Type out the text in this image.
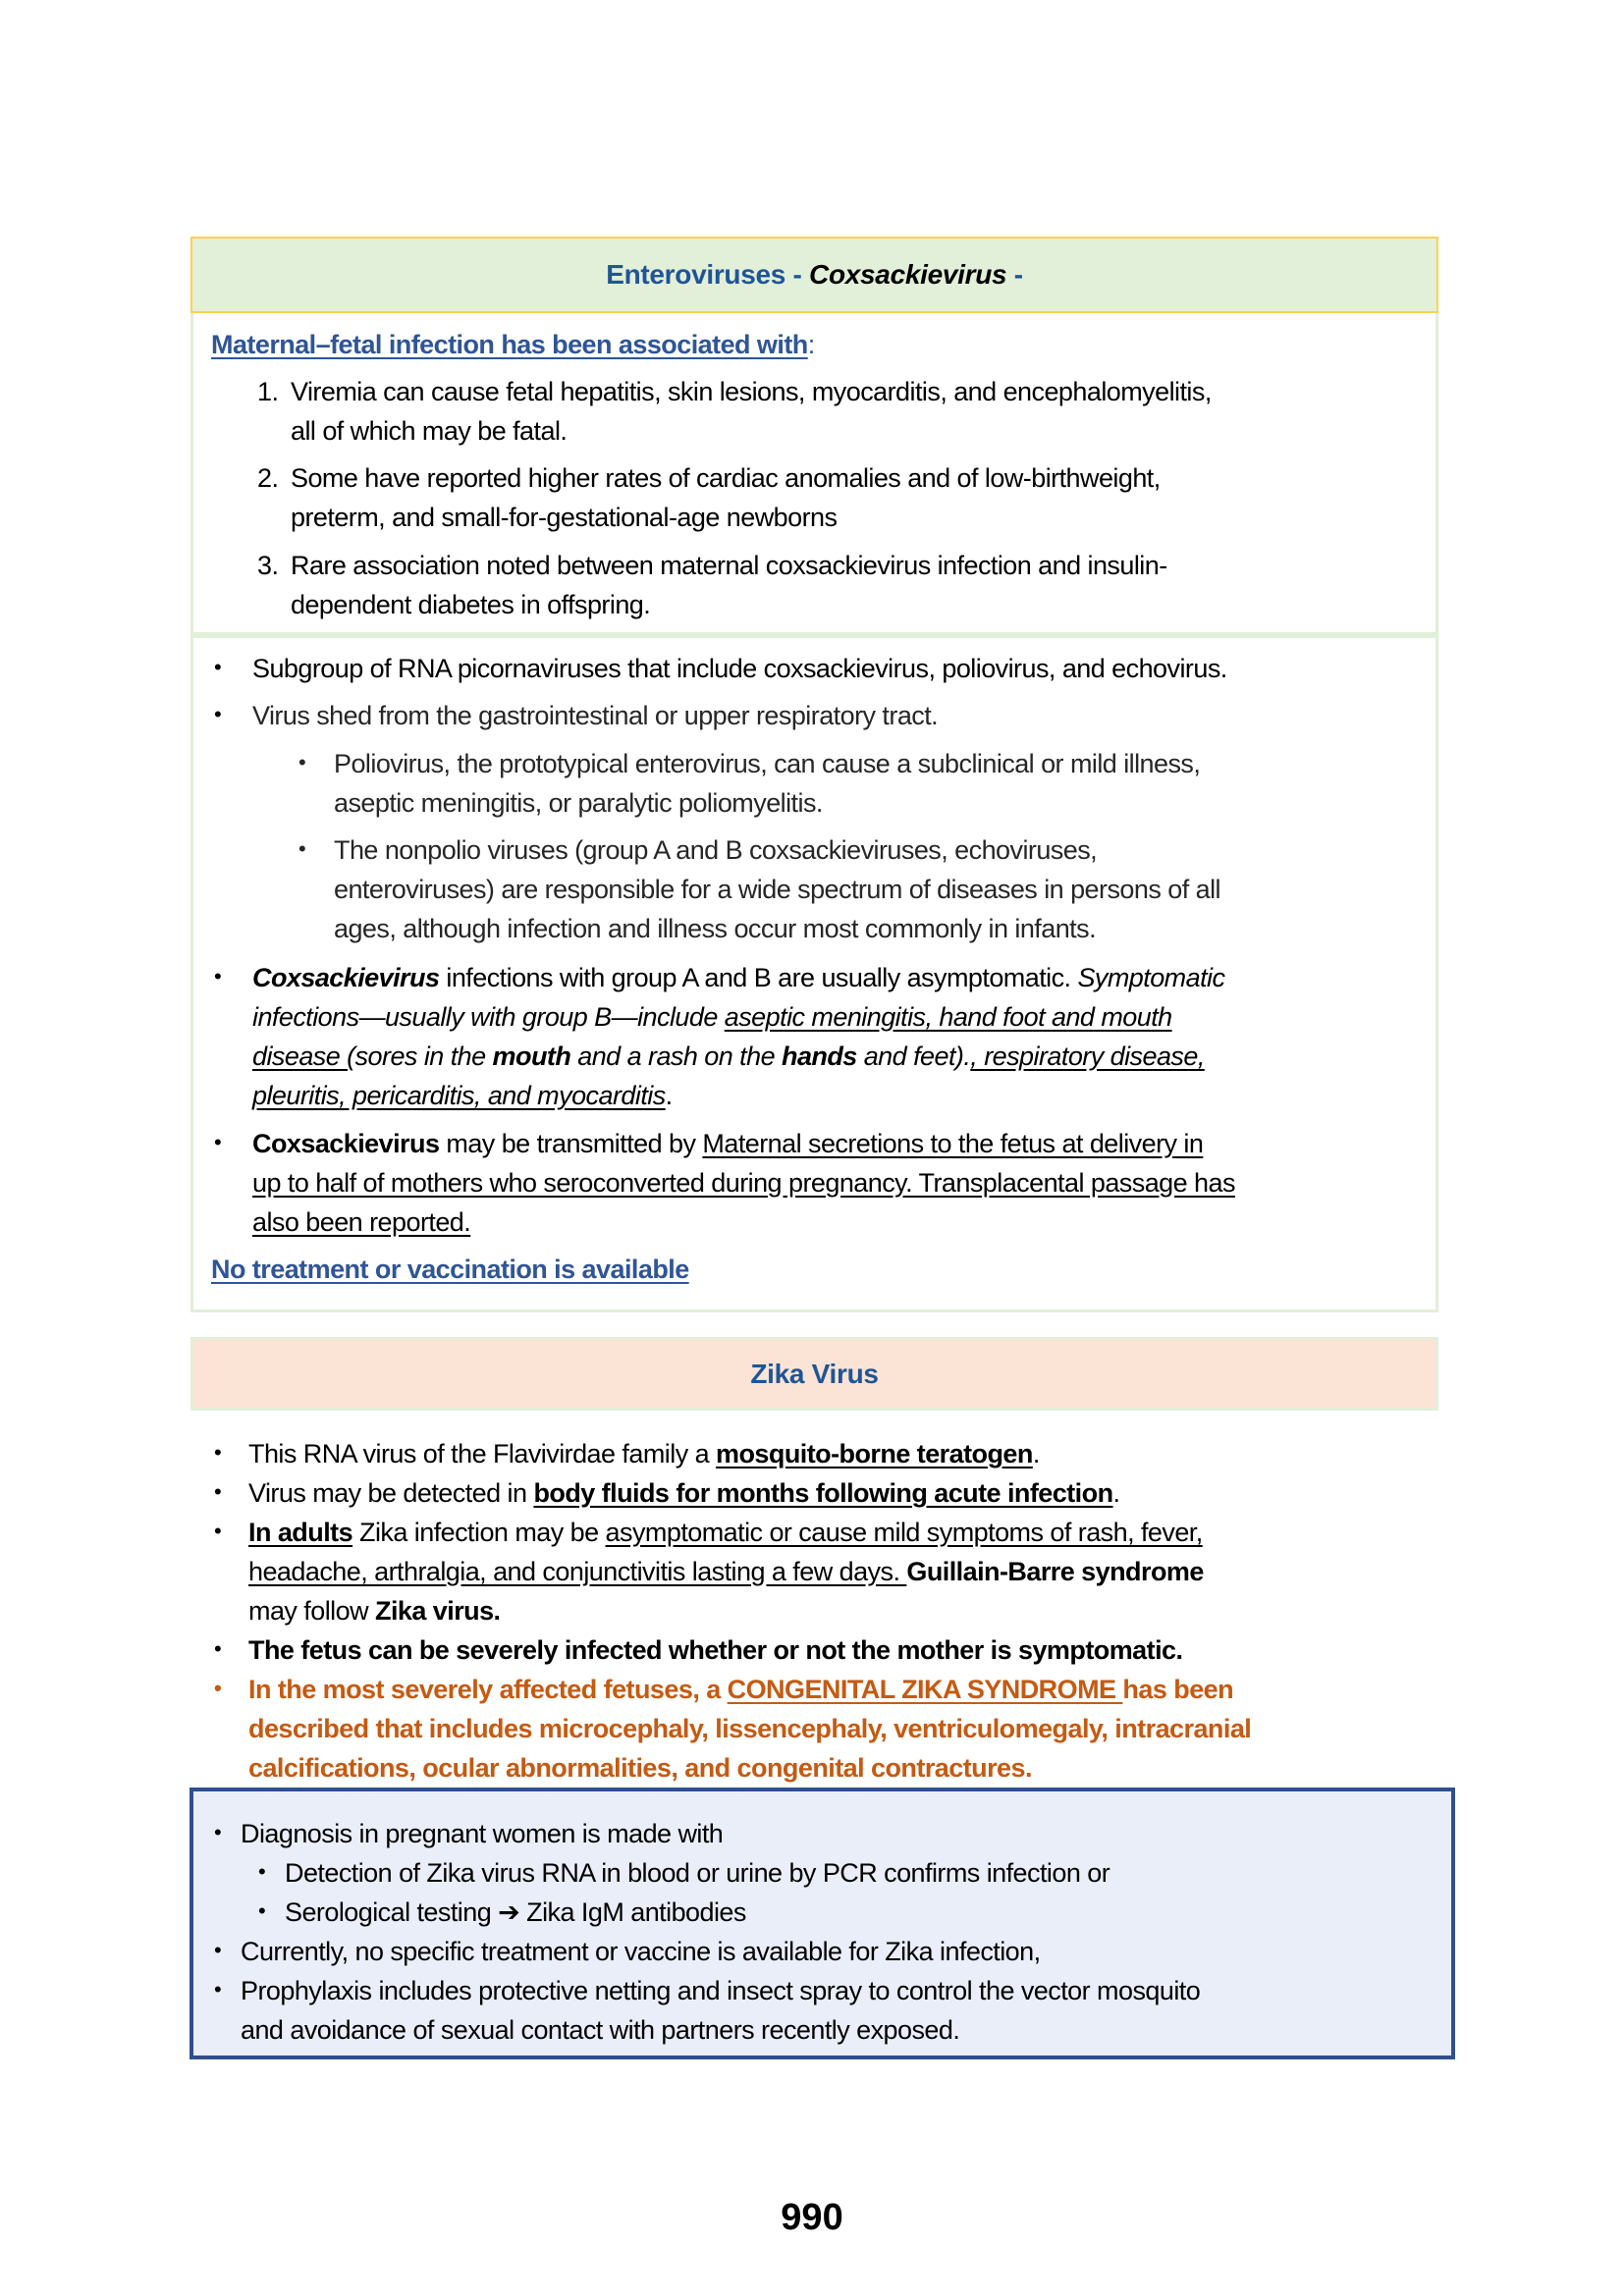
Enteroviruses - Coxsackievirus -
Maternal–fetal infection has been associated with:
1. Viremia can cause fetal hepatitis, skin lesions, myocarditis, and encephalomyelitis,
all of which may be fatal.
2. Some have reported higher rates of cardiac anomalies and of low-birthweight,
preterm, and small-for-gestational-age newborns
3. Rare association noted between maternal coxsackievirus infection and insulin-
dependent diabetes in offspring.
• Subgroup of RNA picornaviruses that include coxsackievirus, poliovirus, and echovirus.
• Virus shed from the gastrointestinal or upper respiratory tract.
• Poliovirus, the prototypical enterovirus, can cause a subclinical or mild illness,
aseptic meningitis, or paralytic poliomyelitis.
• The nonpolio viruses (group A and B coxsackieviruses, echoviruses,
enteroviruses) are responsible for a wide spectrum of diseases in persons of all
ages, although infection and illness occur most commonly in infants.
• Coxsackievirus infections with group A and B are usually asymptomatic. Symptomatic
infections—usually with group B—include aseptic meningitis, hand foot and mouth
disease (sores in the mouth and a rash on the hands and feet)., respiratory disease,
pleuritis, pericarditis, and myocarditis.
• Coxsackievirus may be transmitted by Maternal secretions to the fetus at delivery in
up to half of mothers who seroconverted during pregnancy. Transplacental passage has
also been reported.
No treatment or vaccination is available
Zika Virus
• This RNA virus of the Flavivirdae family a mosquito-borne teratogen.
• Virus may be detected in body fluids for months following acute infection.
• In adults Zika infection may be asymptomatic or cause mild symptoms of rash, fever,
headache, arthralgia, and conjunctivitis lasting a few days. Guillain-Barre syndrome
may follow Zika virus.
• The fetus can be severely infected whether or not the mother is symptomatic.
• In the most severely affected fetuses, a CONGENITAL ZIKA SYNDROME has been
described that includes microcephaly, lissencephaly, ventriculomegaly, intracranial
calcifications, ocular abnormalities, and congenital contractures.
• Diagnosis in pregnant women is made with
• Detection of Zika virus RNA in blood or urine by PCR confirms infection or
• Serological testing ➔ Zika IgM antibodies
• Currently, no specific treatment or vaccine is available for Zika infection,
• Prophylaxis includes protective netting and insect spray to control the vector mosquito
and avoidance of sexual contact with partners recently exposed.
990
